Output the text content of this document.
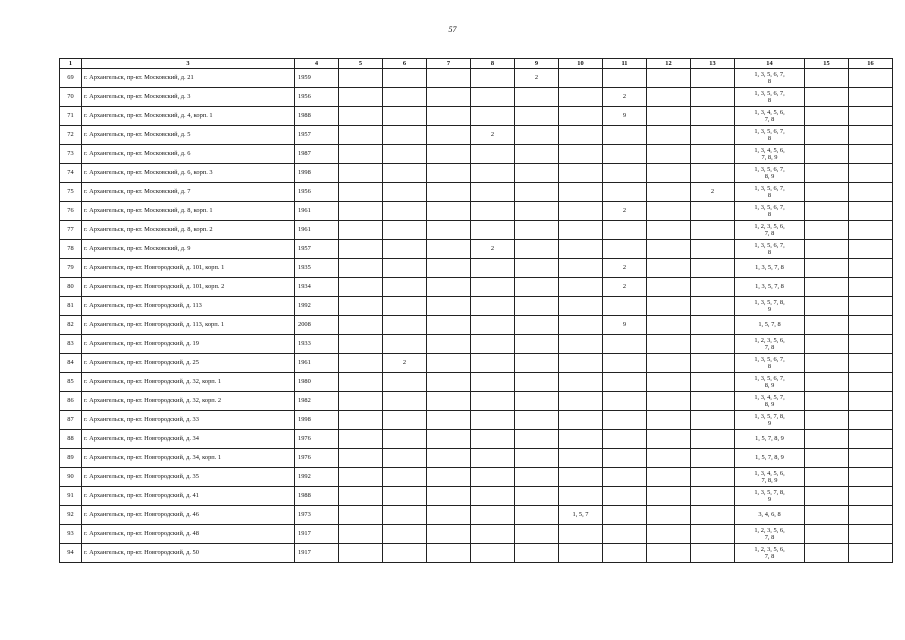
57
1	3	4	5	6	7	8	9	10	11	12	13	14	15	16
69	г. Архангельск, пр-кт. Московский, д. 21	1959					2					1, 3, 5, 6, 7,
8		
70	г. Архангельск, пр-кт. Московский, д. 3	1956							2			1, 3, 5, 6, 7,
8		
71	г. Архангельск, пр-кт. Московский, д. 4, корп. 1	1988							9			1, 3, 4, 5, 6,
7, 8		
72	г. Архангельск, пр-кт. Московский, д. 5	1957				2						1, 3, 5, 6, 7,
8		
73	г. Архангельск, пр-кт. Московский, д. 6	1987										1, 3, 4, 5, 6,
7, 8, 9		
74	г. Архангельск, пр-кт. Московский, д. 6, корп. 3	1998										1, 3, 5, 6, 7,
8, 9		
75	г. Архангельск, пр-кт. Московский, д. 7	1956									2	1, 3, 5, 6, 7,
8		
76	г. Архангельск, пр-кт. Московский, д. 8, корп. 1	1961							2			1, 3, 5, 6, 7,
8		
77	г. Архангельск, пр-кт. Московский, д. 8, корп. 2	1961										1, 2, 3, 5, 6,
7, 8		
78	г. Архангельск, пр-кт. Московский, д. 9	1957				2						1, 3, 5, 6, 7,
8		
79	г. Архангельск, пр-кт. Новгородский, д. 101, корп. 1	1935							2			1, 3, 5, 7, 8		
80	г. Архангельск, пр-кт. Новгородский, д. 101, корп. 2	1934							2			1, 3, 5, 7, 8		
81	г. Архангельск, пр-кт. Новгородский, д. 113	1992										1, 3, 5, 7, 8,
9		
82	г. Архангельск, пр-кт. Новгородский, д. 113, корп. 1	2008							9			1, 5, 7, 8		
83	г. Архангельск, пр-кт. Новгородский, д. 19	1933										1, 2, 3, 5, 6,
7, 8		
84	г. Архангельск, пр-кт. Новгородский, д. 25	1961		2								1, 3, 5, 6, 7,
8		
85	г. Архангельск, пр-кт. Новгородский, д. 32, корп. 1	1980										1, 3, 5, 6, 7,
8, 9		
86	г. Архангельск, пр-кт. Новгородский, д. 32, корп. 2	1982										1, 3, 4, 5, 7,
8, 9		
87	г. Архангельск, пр-кт. Новгородский, д. 33	1998										1, 3, 5, 7, 8,
9		
88	г. Архангельск, пр-кт. Новгородский, д. 34	1976										1, 5, 7, 8, 9		
89	г. Архангельск, пр-кт. Новгородский, д. 34, корп. 1	1976										1, 5, 7, 8, 9		
90	г. Архангельск, пр-кт. Новгородский, д. 35	1992										1, 3, 4, 5, 6,
7, 8, 9		
91	г. Архангельск, пр-кт. Новгородский, д. 41	1988										1, 3, 5, 7, 8,
9		
92	г. Архангельск, пр-кт. Новгородский, д. 46	1973						1, 5, 7				3, 4, 6, 8		
93	г. Архангельск, пр-кт. Новгородский, д. 48	1917										1, 2, 3, 5, 6,
7, 8		
94	г. Архангельск, пр-кт. Новгородский, д. 50	1917										1, 2, 3, 5, 6,
7, 8		
